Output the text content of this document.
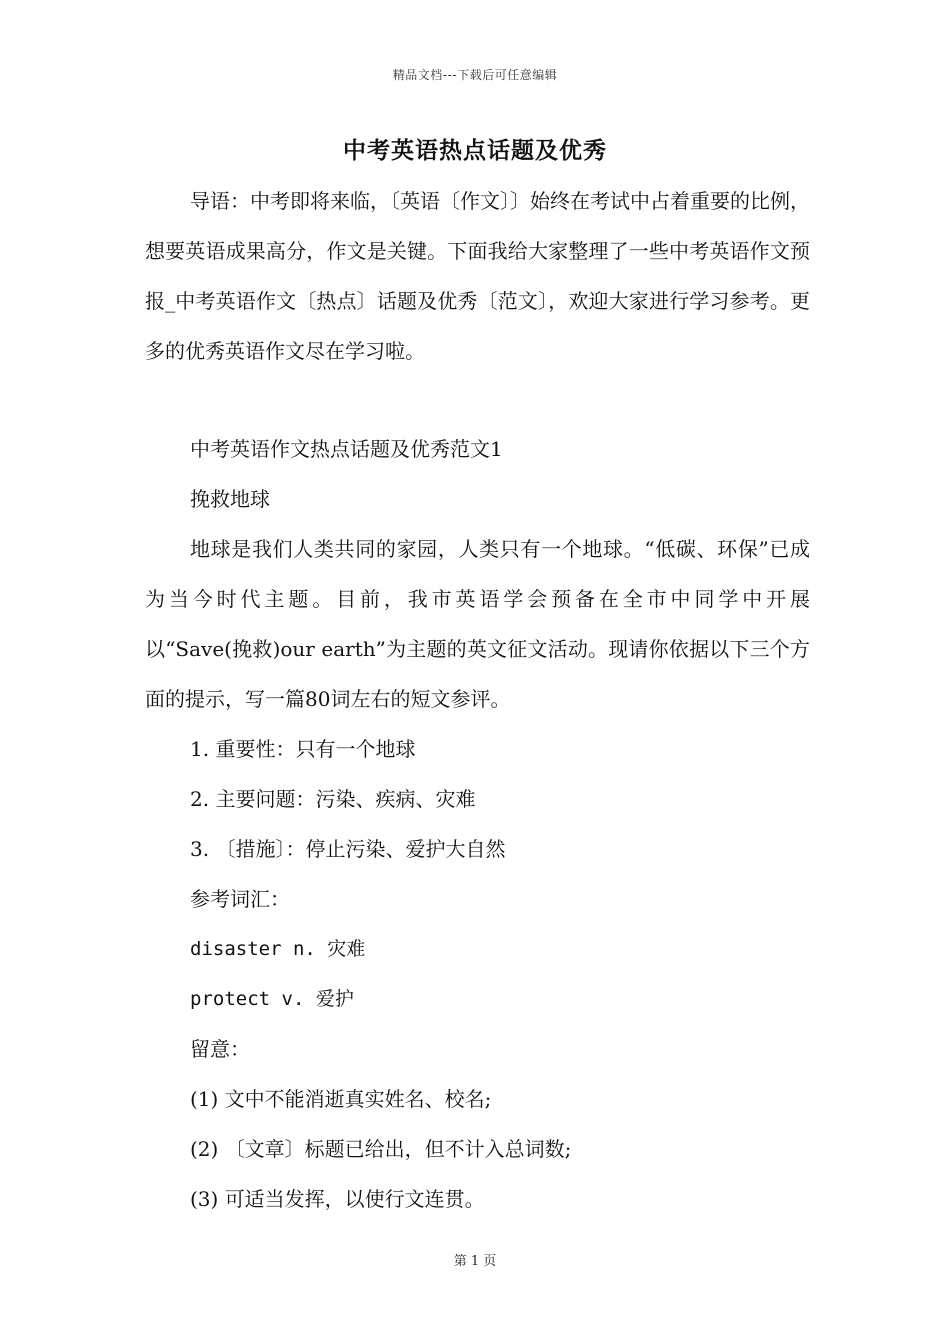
精品文档---下载后可任意编辑
中考英语热点话题及优秀

导语：中考即将来临，〔英语〔作文〕〕始终在考试中占着重要的比例，想要英语成果高分，作文是关键。下面我给大家整理了一些中考英语作文预报_中考英语作文〔热点〕话题及优秀〔范文〕，欢迎大家进行学习参考。更多的优秀英语作文尽在学习啦。

中考英语作文热点话题及优秀范文1

挽救地球

地球是我们人类共同的家园，人类只有一个地球。“低碳、环保”已成为当今时代主题。目前，我市英语学会预备在全市中同学中开展以“Save(挽救)our earth”为主题的英文征文活动。现请你依据以下三个方面的提示，写一篇80词左右的短文参评。

1. 重要性：只有一个地球

2. 主要问题：污染、疾病、灾难

3. 〔措施〕：停止污染、爱护大自然

参考词汇：

disaster n. 灾难

protect v. 爱护

留意：

(1) 文中不能消逝真实姓名、校名;

(2) 〔文章〕标题已给出，但不计入总词数;

(3) 可适当发挥，以使行文连贯。

第 1 页
